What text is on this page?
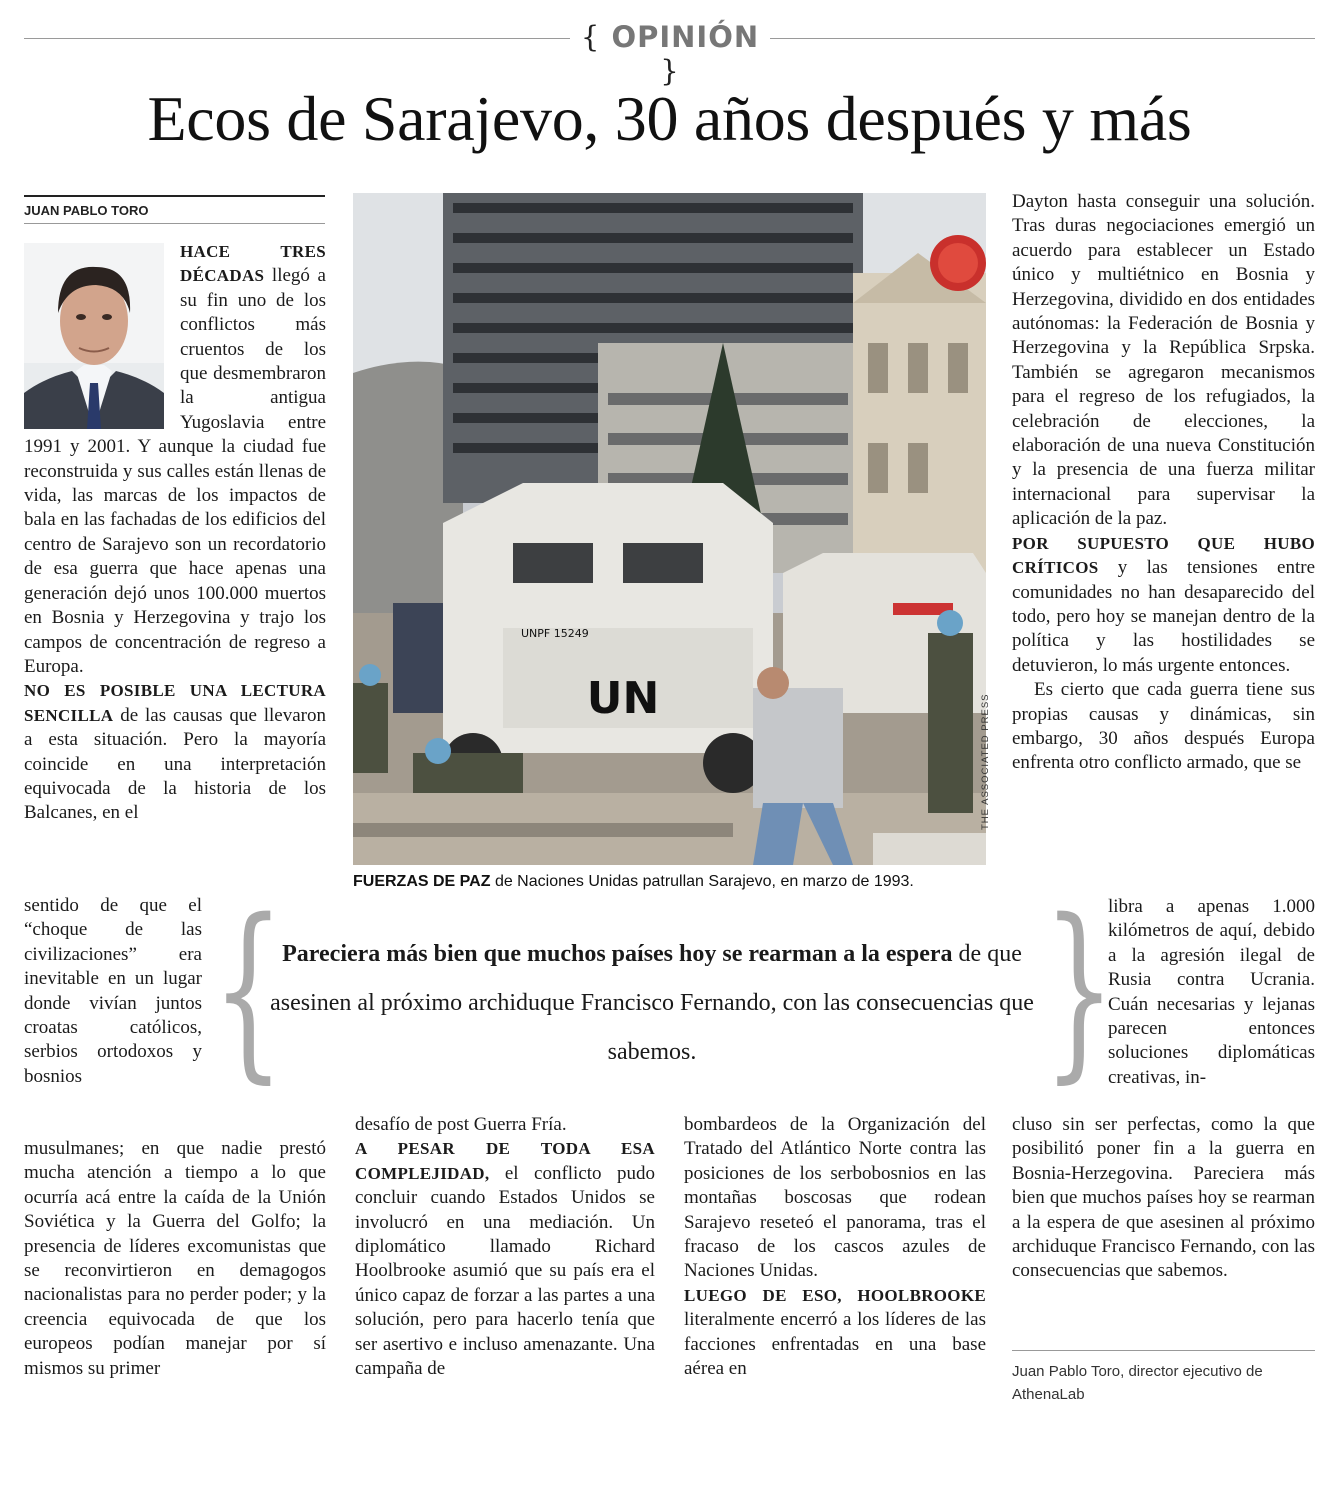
{ OPINIÓN }
Ecos de Sarajevo, 30 años después y más
JUAN PABLO TORO

HACE TRES DÉCADAS llegó a su fin uno de los conflictos más cruentos de los que desmembraron la antigua Yugoslavia entre 1991 y 2001. Y aunque la ciudad fue reconstruida y sus calles están llenas de vida, las marcas de los impactos de bala en las fachadas de los edificios del centro de Sarajevo son un recordatorio de esa guerra que hace apenas una generación dejó unos 100.000 muertos en Bosnia y Herzegovina y trajo los campos de concentración de regreso a Europa.

NO ES POSIBLE UNA LECTURA SENCILLA de las causas que llevaron a esta situación. Pero la mayoría coincide en una interpretación equivocada de la historia de los Balcanes, en el

sentido de que el “choque de las civilizaciones” era inevitable en un lugar donde vivían juntos croatas católicos, serbios ortodoxos y bosnios
musulmanes; en que nadie prestó mucha atención a tiempo a lo que ocurría acá entre la caída de la Unión Soviética y la Guerra del Golfo; la presencia de líderes excomunistas que se reconvirtieron en demagogos nacionalistas para no perder poder; y la creencia equivocada de que los europeos podían manejar por sí mismos su primer
UN
UNPF 15249
THE ASSOCIATED PRESS
FUERZAS DE PAZ de Naciones Unidas patrullan Sarajevo, en marzo de 1993.
{
Pareciera más bien que muchos países hoy se rearman a la espera de que asesinen al próximo archiduque Francisco Fernando, con las consecuencias que sabemos.	}

desafío de post Guerra Fría.

A PESAR DE TODA ESA COMPLEJIDAD, el conflicto pudo concluir cuando Estados Unidos se involucró en una mediación. Un diplomático llamado Richard Hoolbrooke asumió que su país era el único capaz de forzar a las partes a una solución, pero para hacerlo tenía que ser asertivo e incluso amenazante. Una campaña de

bombardeos de la Organización del Tratado del Atlántico Norte contra las posiciones de los serbobosnios en las montañas boscosas que rodean Sarajevo reseteó el panorama, tras el fracaso de los cascos azules de Naciones Unidas.

LUEGO DE ESO, HOOLBROOKE literalmente encerró a los líderes de las facciones enfrentadas en una base aérea en

Dayton hasta conseguir una solución. Tras duras negociaciones emergió un acuerdo para establecer un Estado único y multiétnico en Bosnia y Herzegovina, dividido en dos entidades autónomas: la Federación de Bosnia y Herzegovina y la República Srpska. También se agregaron mecanismos para el regreso de los refugiados, la celebración de elecciones, la elaboración de una nueva Constitución y la presencia de una fuerza militar internacional para supervisar la aplicación de la paz.

POR SUPUESTO QUE HUBO CRÍTICOS y las tensiones entre comunidades no han desaparecido del todo, pero hoy se manejan dentro de la política y las hostilidades se detuvieron, lo más urgente entonces.

Es cierto que cada guerra tiene sus propias causas y dinámicas, sin embargo, 30 años después Europa enfrenta otro conflicto armado, que se

libra a apenas 1.000 kilómetros de aquí, debido a la agresión ilegal de Rusia contra Ucrania. Cuán necesarias y lejanas parecen entonces soluciones diplomáticas creativas, in-
cluso sin ser perfectas, como la que posibilitó poner fin a la guerra en Bosnia-Herzegovina. Pareciera más bien que muchos países hoy se rearman a la espera de que asesinen al próximo archiduque Francisco Fernando, con las consecuencias que sabemos.
Juan Pablo Toro, director ejecutivo de AthenaLab
